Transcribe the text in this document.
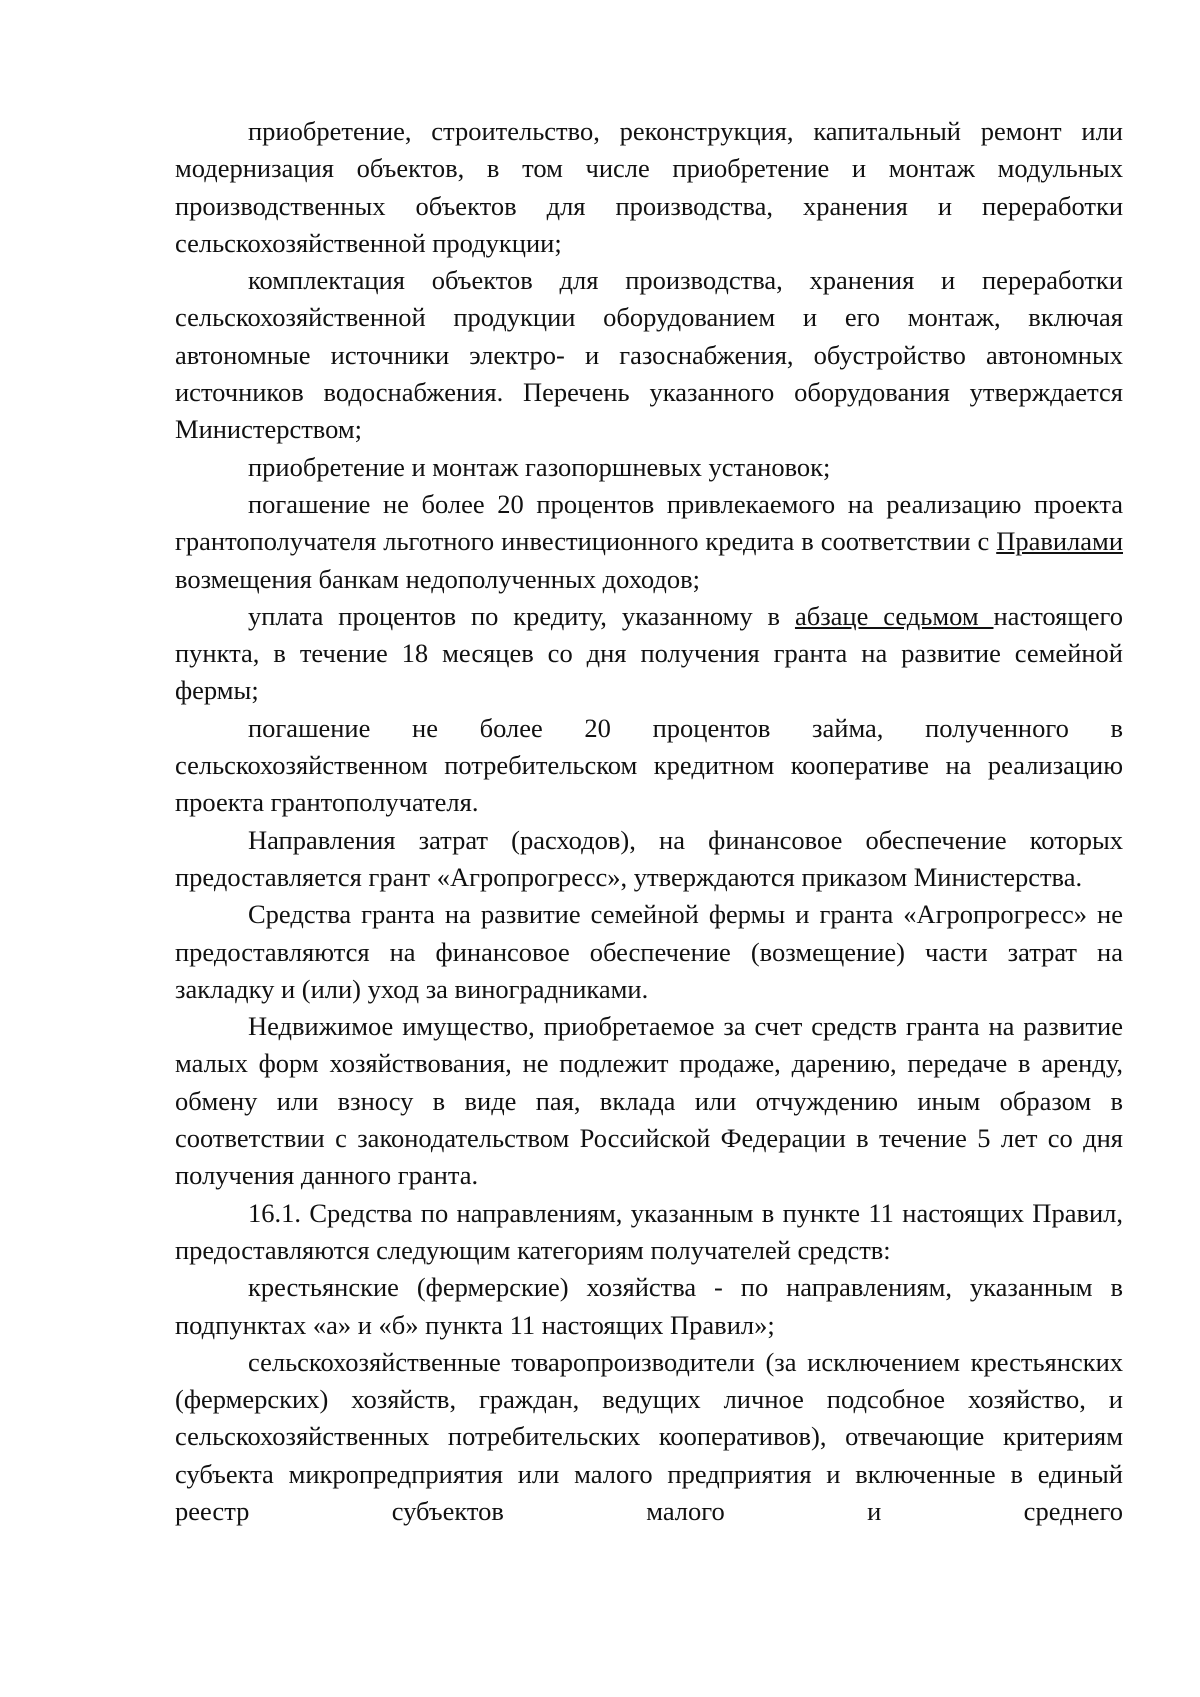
приобретение, строительство, реконструкция, капитальный ремонт или модернизация объектов, в том числе приобретение и монтаж модульных производственных объектов для производства, хранения и переработки сельскохозяйственной продукции;

комплектация объектов для производства, хранения и переработки сельскохозяйственной продукции оборудованием и его монтаж, включая автономные источники электро- и газоснабжения, обустройство автономных источников водоснабжения. Перечень указанного оборудования утверждается Министерством;

приобретение и монтаж газопоршневых установок;

погашение не более 20 процентов привлекаемого на реализацию проекта грантополучателя льготного инвестиционного кредита в соответствии с Правилами возмещения банкам недополученных доходов;

уплата процентов по кредиту, указанному в абзаце седьмом настоящего пункта, в течение 18 месяцев со дня получения гранта на развитие семейной фермы;

погашение не более 20 процентов займа, полученного в сельскохозяйственном потребительском кредитном кооперативе на реализацию проекта грантополучателя.

Направления затрат (расходов), на финансовое обеспечение которых предоставляется грант «Агропрогресс», утверждаются приказом Министерства.

Средства гранта на развитие семейной фермы и гранта «Агропрогресс» не предоставляются на финансовое обеспечение (возмещение) части затрат на закладку и (или) уход за виноградниками.

Недвижимое имущество, приобретаемое за счет средств гранта на развитие малых форм хозяйствования, не подлежит продаже, дарению, передаче в аренду, обмену или взносу в виде пая, вклада или отчуждению иным образом в соответствии с законодательством Российской Федерации в течение 5 лет со дня получения данного гранта.

16.1. Средства по направлениям, указанным в пункте 11 настоящих Правил, предоставляются следующим категориям получателей средств:

крестьянские (фермерские) хозяйства - по направлениям, указанным в подпунктах «а» и «б» пункта 11 настоящих Правил»;

сельскохозяйственные товаропроизводители (за исключением крестьянских (фермерских) хозяйств, граждан, ведущих личное подсобное хозяйство, и сельскохозяйственных потребительских кооперативов), отвечающие критериям субъекта микропредприятия или малого предприятия и включенные в единый реестр субъектов малого и среднего
